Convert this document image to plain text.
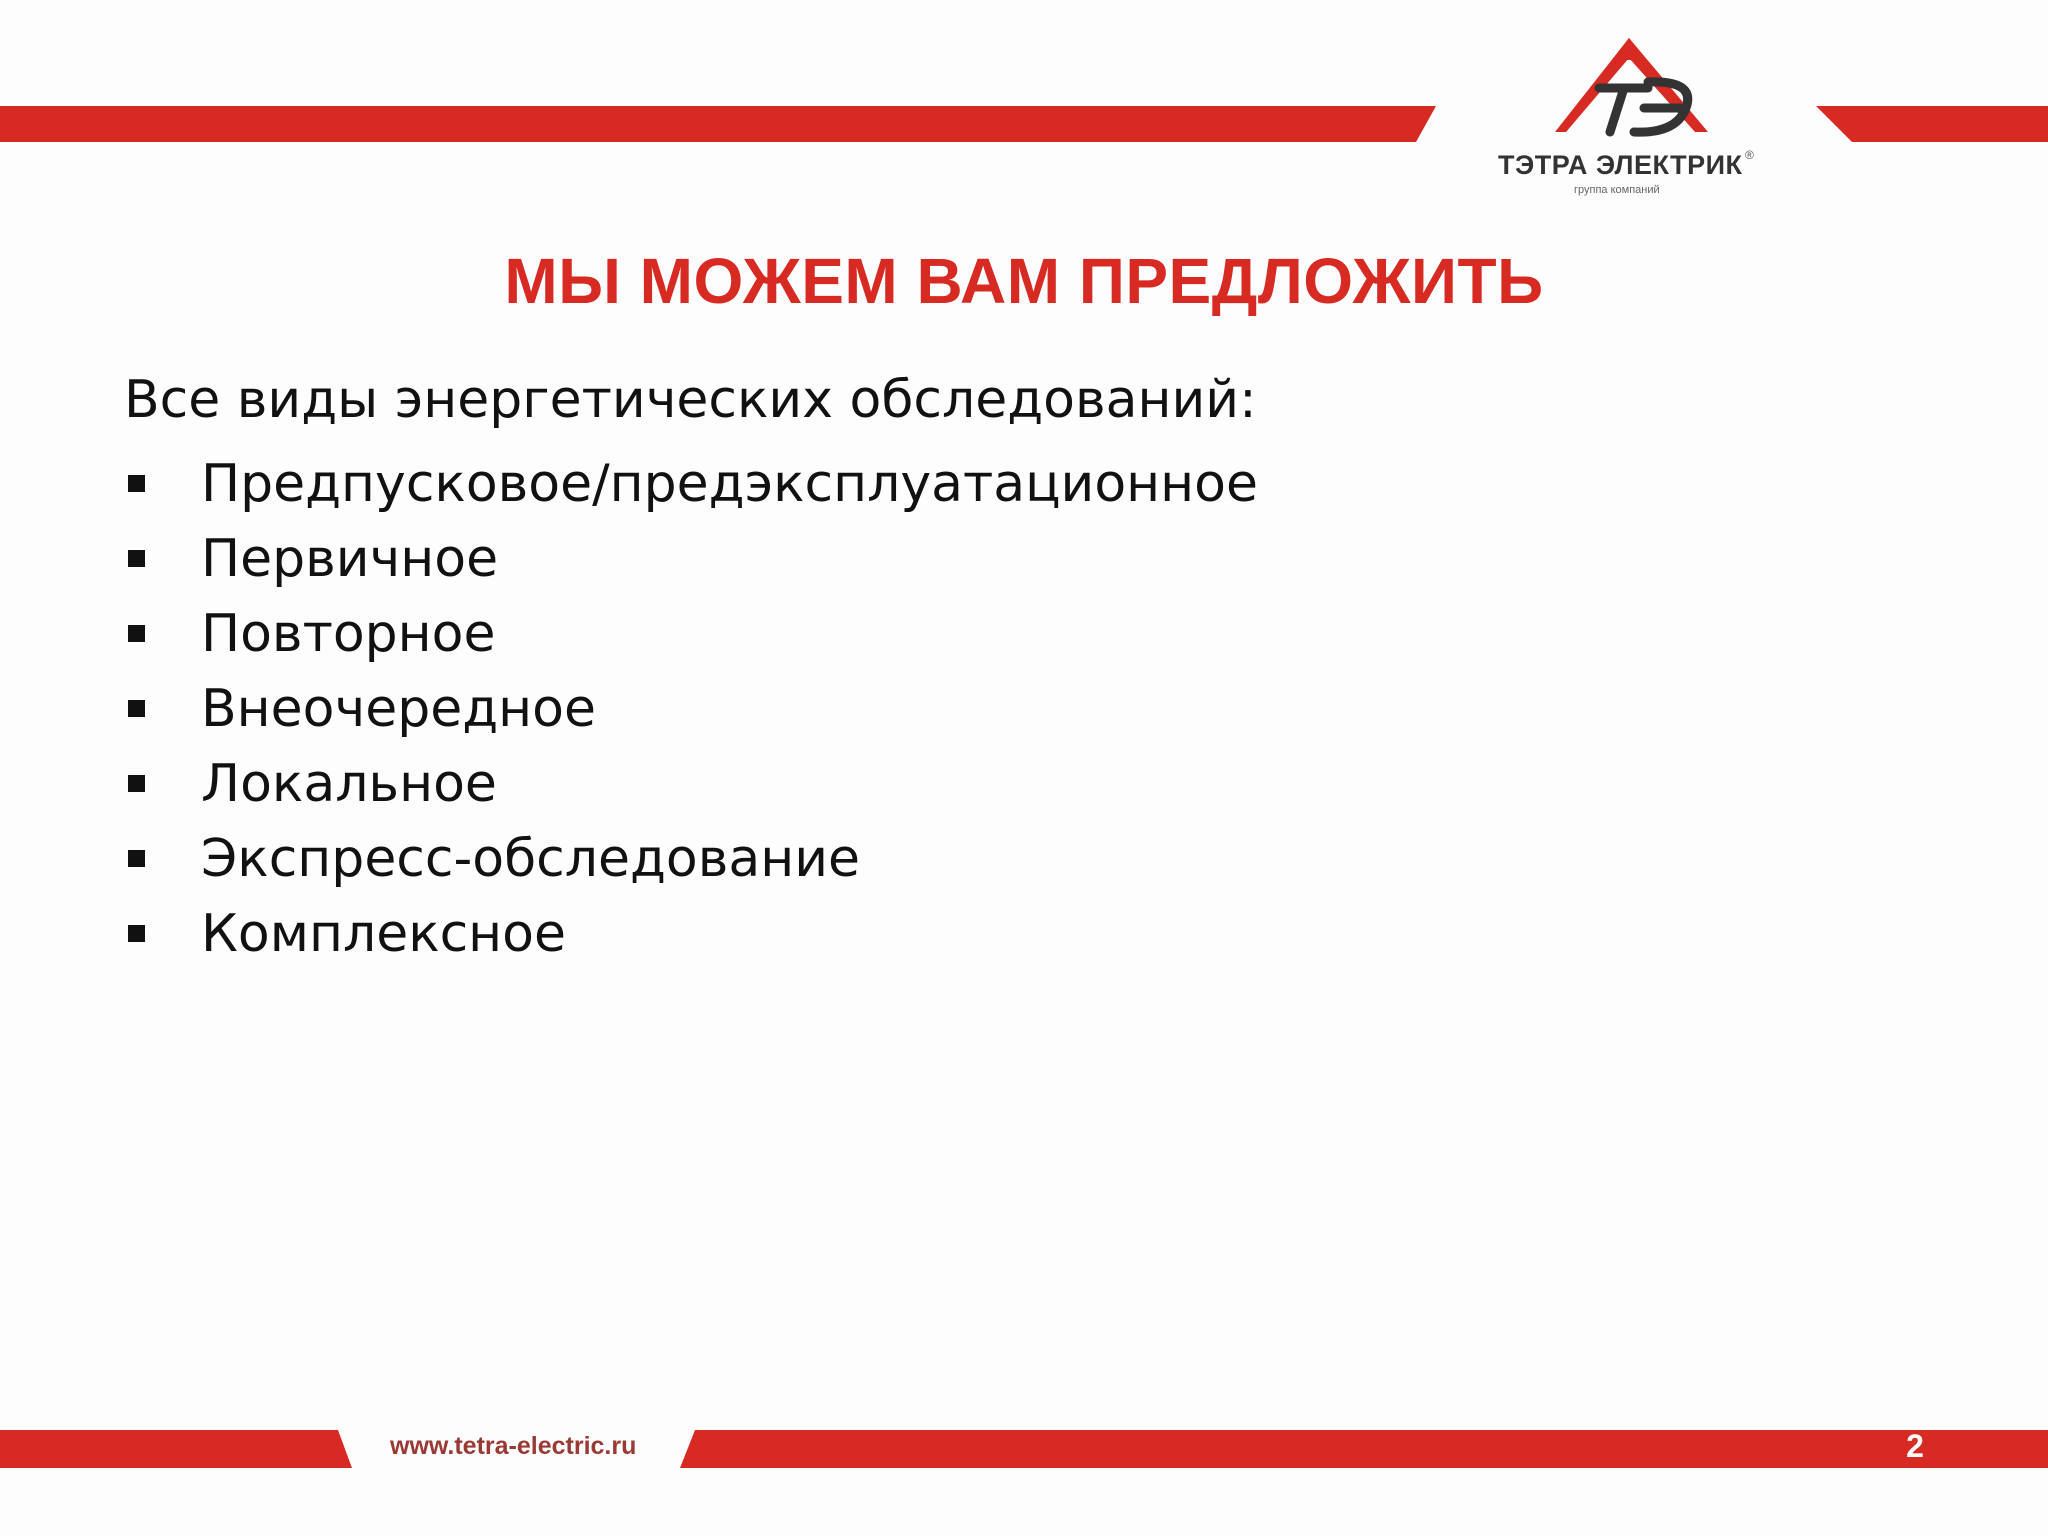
ТЭТРА ЭЛЕКТРИК ®
группа компаний
МЫ МОЖЕМ ВАМ ПРЕДЛОЖИТЬ
Все виды энергетических обследований:
Предпусковое/предэксплуатационное
Первичное
Повторное
Внеочередное
Локальное
Экспресс-обследование
Комплексное
www.tetra-electric.ru	2
